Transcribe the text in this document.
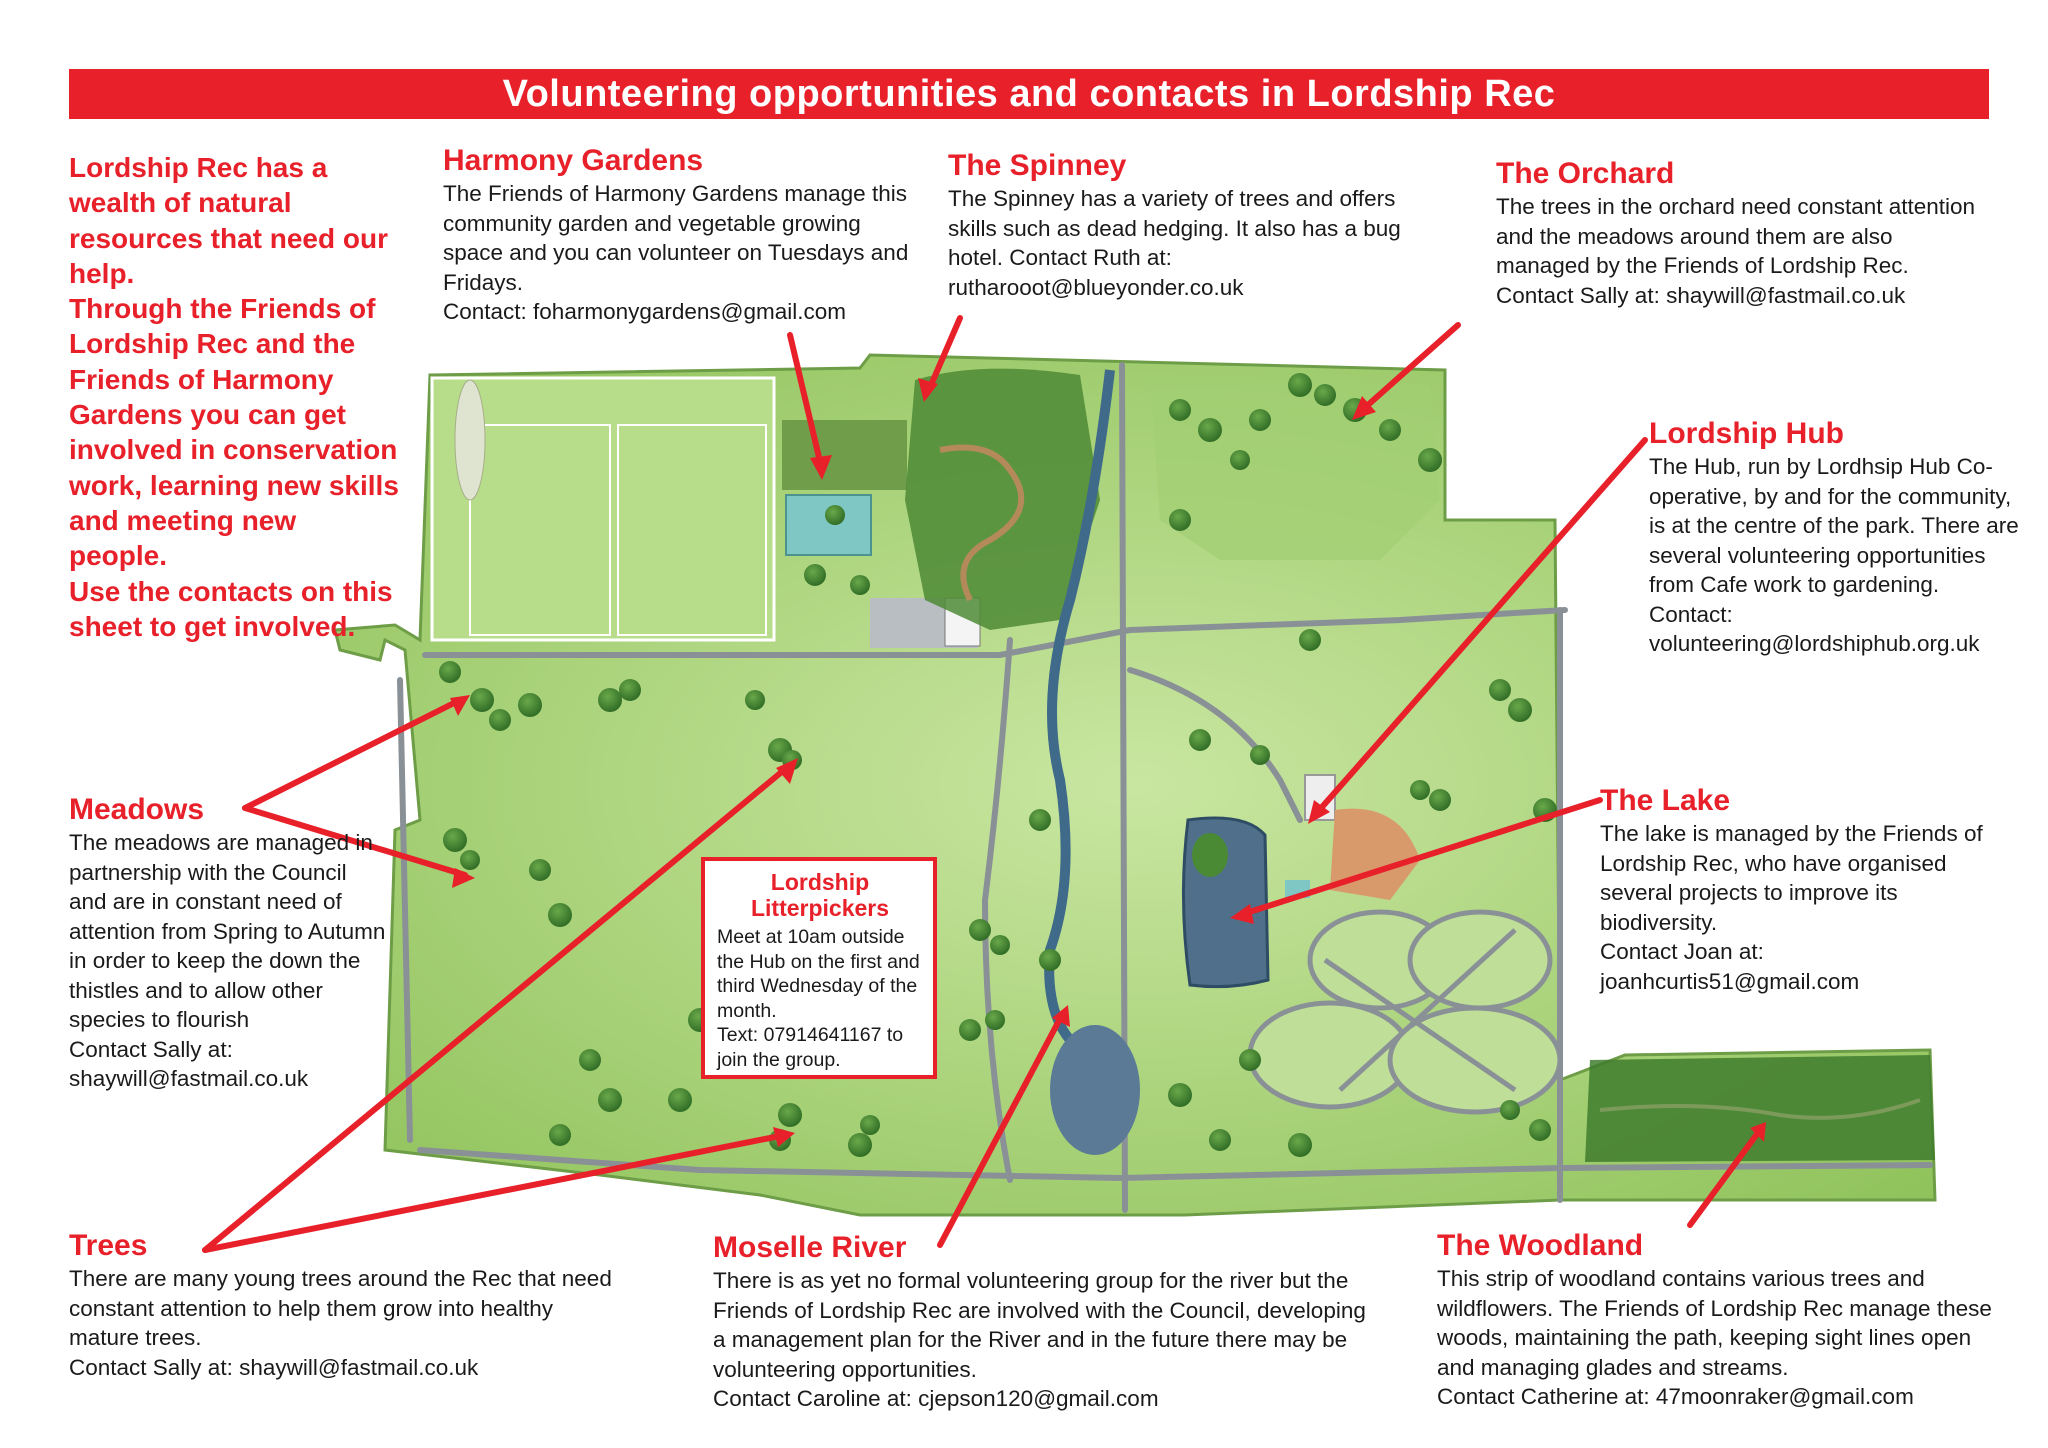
Volunteering opportunities and contacts in Lordship Rec
Lordship Rec has a wealth of natural resources that need our help.
Through the Friends of Lordship Rec and the Friends of Harmony Gardens you can get involved in conservation work, learning new skills and meeting new people.
Use the contacts on this sheet to get involved.
Harmony Gardens

The Friends of Harmony Gardens manage this community garden and vegetable growing space and you can volunteer on Tuesdays and Fridays.
Contact: foharmonygardens@gmail.com

The Spinney

The Spinney has a variety of trees and offers skills such as dead hedging. It also has a bug hotel. Contact Ruth at:
rutharooot@blueyonder.co.uk

The Orchard

The trees in the orchard need constant attention and the meadows around them are also managed by the Friends of Lordship Rec.
Contact Sally at: shaywill@fastmail.co.uk

Lordship Hub

The Hub, run by Lordhsip Hub Co-operative, by and for the community, is at the centre of the park. There are several volunteering opportunities from Cafe work to gardening.

Contact:

volunteering@lordshiphub.org.uk

The Lake

The lake is managed by the Friends of Lordship Rec, who have organised several projects to improve its biodiversity.
Contact Joan at:
joanhcurtis51@gmail.com

Meadows

The meadows are managed in partnership with the Council and are in constant need of attention from Spring to Autumn in order to keep the down the thistles and to allow other species to flourish
Contact Sally at:
shaywill@fastmail.co.uk

Lordship Litterpickers

Meet at 10am outside the Hub on the first and third Wednesday of the month.
Text: 07914641167 to join the group.

Trees

There are many young trees around the Rec that need constant attention to help them grow into healthy mature trees.
Contact Sally at: shaywill@fastmail.co.uk

Moselle River

There is as yet no formal volunteering group for the river but the Friends of Lordship Rec are involved with the Council, developing a management plan for the River and in the future there may be volunteering opportunities.
Contact Caroline at: cjepson120@gmail.com

The Woodland

This strip of woodland contains various trees and wildflowers. The Friends of Lordship Rec manage these woods, maintaining the path, keeping sight lines open and managing glades and streams.
Contact Catherine at: 47moonraker@gmail.com
